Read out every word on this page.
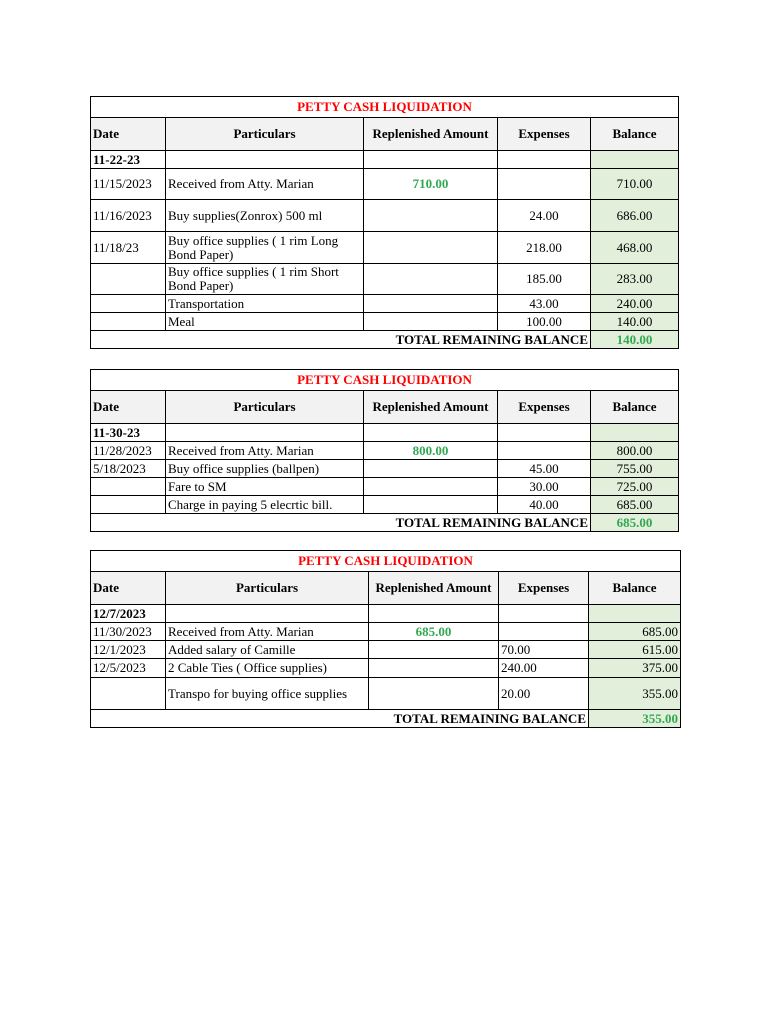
PETTY CASH LIQUIDATION				
Date	Particulars	Replenished Amount	Expenses	Balance
11-22-23				
11/15/2023	Received from Atty. Marian	710.00		710.00
11/16/2023	Buy supplies(Zonrox) 500 ml		24.00	686.00
11/18/23	Buy office supplies ( 1 rim Long Bond Paper)		218.00	468.00
	Buy office supplies ( 1 rim Short Bond Paper)		185.00	283.00
	Transportation		43.00	240.00
	Meal		100.00	140.00
TOTAL REMAINING BALANCE				140.00
PETTY CASH LIQUIDATION				
Date	Particulars	Replenished Amount	Expenses	Balance
11-30-23				
11/28/2023	Received from Atty. Marian	800.00		800.00
5/18/2023	Buy office supplies (ballpen)		45.00	755.00
	Fare to SM		30.00	725.00
	Charge in paying 5 elecrtic bill.		40.00	685.00
TOTAL REMAINING BALANCE				685.00
PETTY CASH LIQUIDATION				
Date	Particulars	Replenished Amount	Expenses	Balance
12/7/2023				
11/30/2023	Received from Atty. Marian	685.00		685.00
12/1/2023	Added salary of Camille		70.00	615.00
12/5/2023	2 Cable Ties ( Office supplies)		240.00	375.00
	Transpo for buying office supplies		20.00	355.00
TOTAL REMAINING BALANCE				355.00
